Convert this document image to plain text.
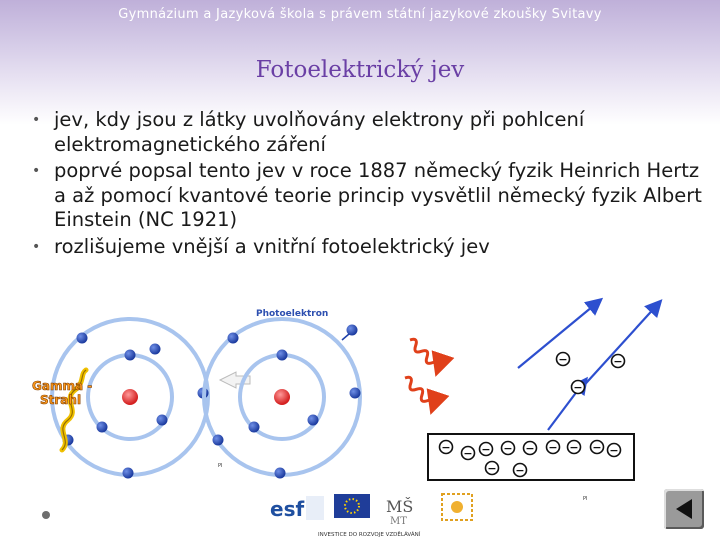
Gymnázium a Jazyková škola s právem státní jazykové zkoušky Svitavy
Fotoelektrický jev
• jev, kdy jsou z látky uvolňovány elektrony při pohlcení elektromagnetického záření
• poprvé popsal tento jev v roce 1887 německý fyzik Heinrich Hertz a až pomocí kvantové teorie princip vysvětlil německý fyzik Albert Einstein (NC 1921)
• rozlišujeme vnější a vnitřní fotoelektrický jev
Gamma -
Strahl
PI
Photoelektron
PI
−	−
−
− − − − − − − − −
− −
esf	MŠ
MT
INVESTICE DO ROZVOJE VZDĚLÁVÁNÍ
